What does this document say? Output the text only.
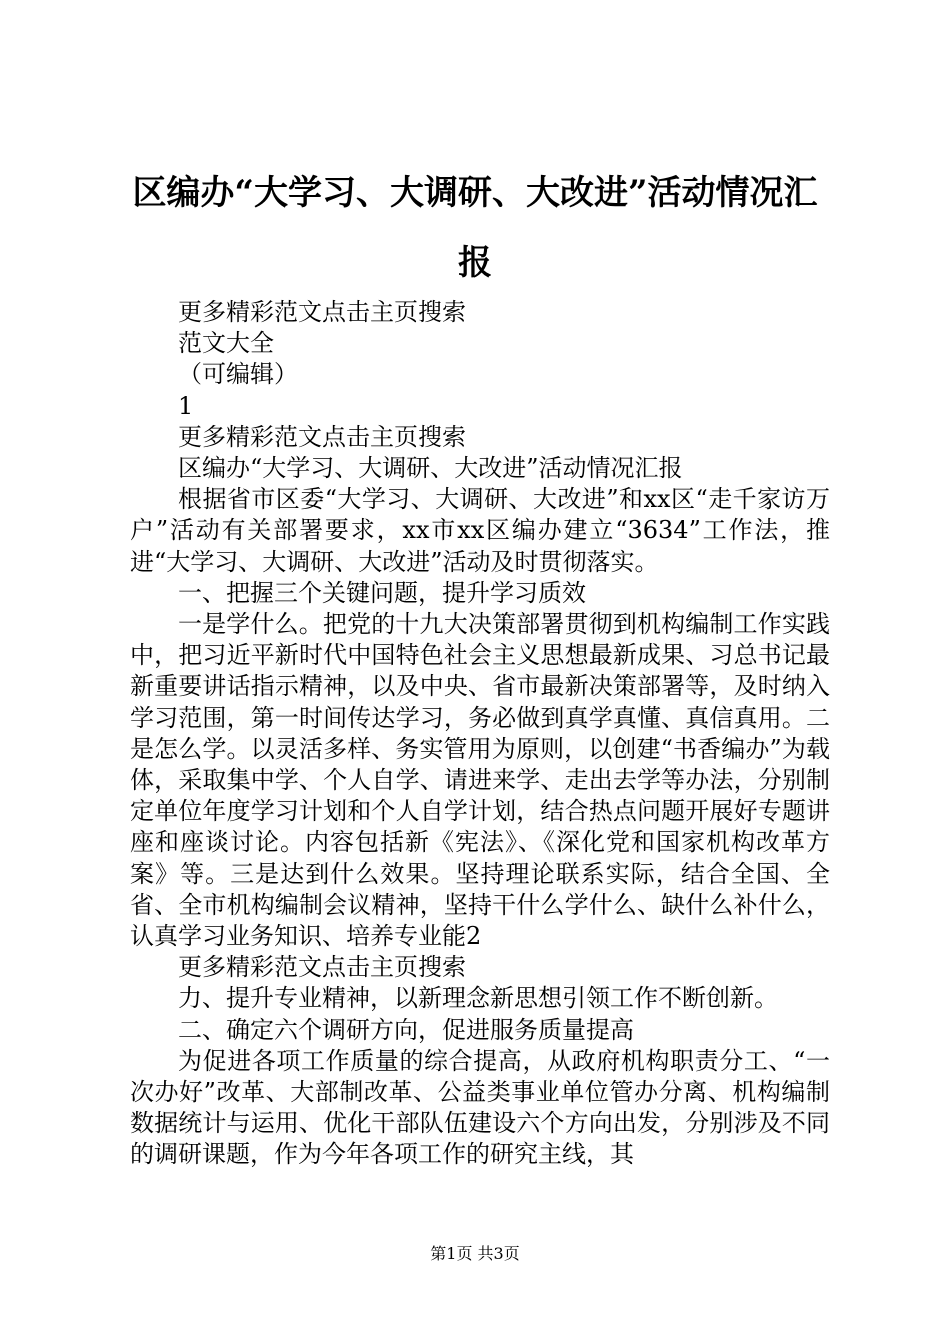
区编办“大学习、大调研、大改进”活动情况汇报

更多精彩范文点击主页搜索

范文大全

（可编辑）

1

更多精彩范文点击主页搜索

区编办“大学习、大调研、大改进”活动情况汇报

根据省市区委“大学习、大调研、大改进”和xx区“走千家访万户”活动有关部署要求，xx市xx区编办建立“3634”工作法，推进“大学习、大调研、大改进”活动及时贯彻落实。

一、把握三个关键问题，提升学习质效

一是学什么。把党的十九大决策部署贯彻到机构编制工作实践中，把习近平新时代中国特色社会主义思想最新成果、习总书记最新重要讲话指示精神，以及中央、省市最新决策部署等，及时纳入学习范围，第一时间传达学习，务必做到真学真懂、真信真用。二是怎么学。以灵活多样、务实管用为原则，以创建“书香编办”为载体，采取集中学、个人自学、请进来学、走出去学等办法，分别制定单位年度学习计划和个人自学计划，结合热点问题开展好专题讲座和座谈讨论。内容包括新《宪法》、《深化党和国家机构改革方案》等。三是达到什么效果。坚持理论联系实际，结合全国、全省、全市机构编制会议精神，坚持干什么学什么、缺什么补什么，认真学习业务知识、培养专业能2

更多精彩范文点击主页搜索

力、提升专业精神，以新理念新思想引领工作不断创新。

二、确定六个调研方向，促进服务质量提高

为促进各项工作质量的综合提高，从政府机构职责分工、“一次办好”改革、大部制改革、公益类事业单位管办分离、机构编制数据统计与运用、优化干部队伍建设六个方向出发，分别涉及不同的调研课题，作为今年各项工作的研究主线，其

第1页 共3页
